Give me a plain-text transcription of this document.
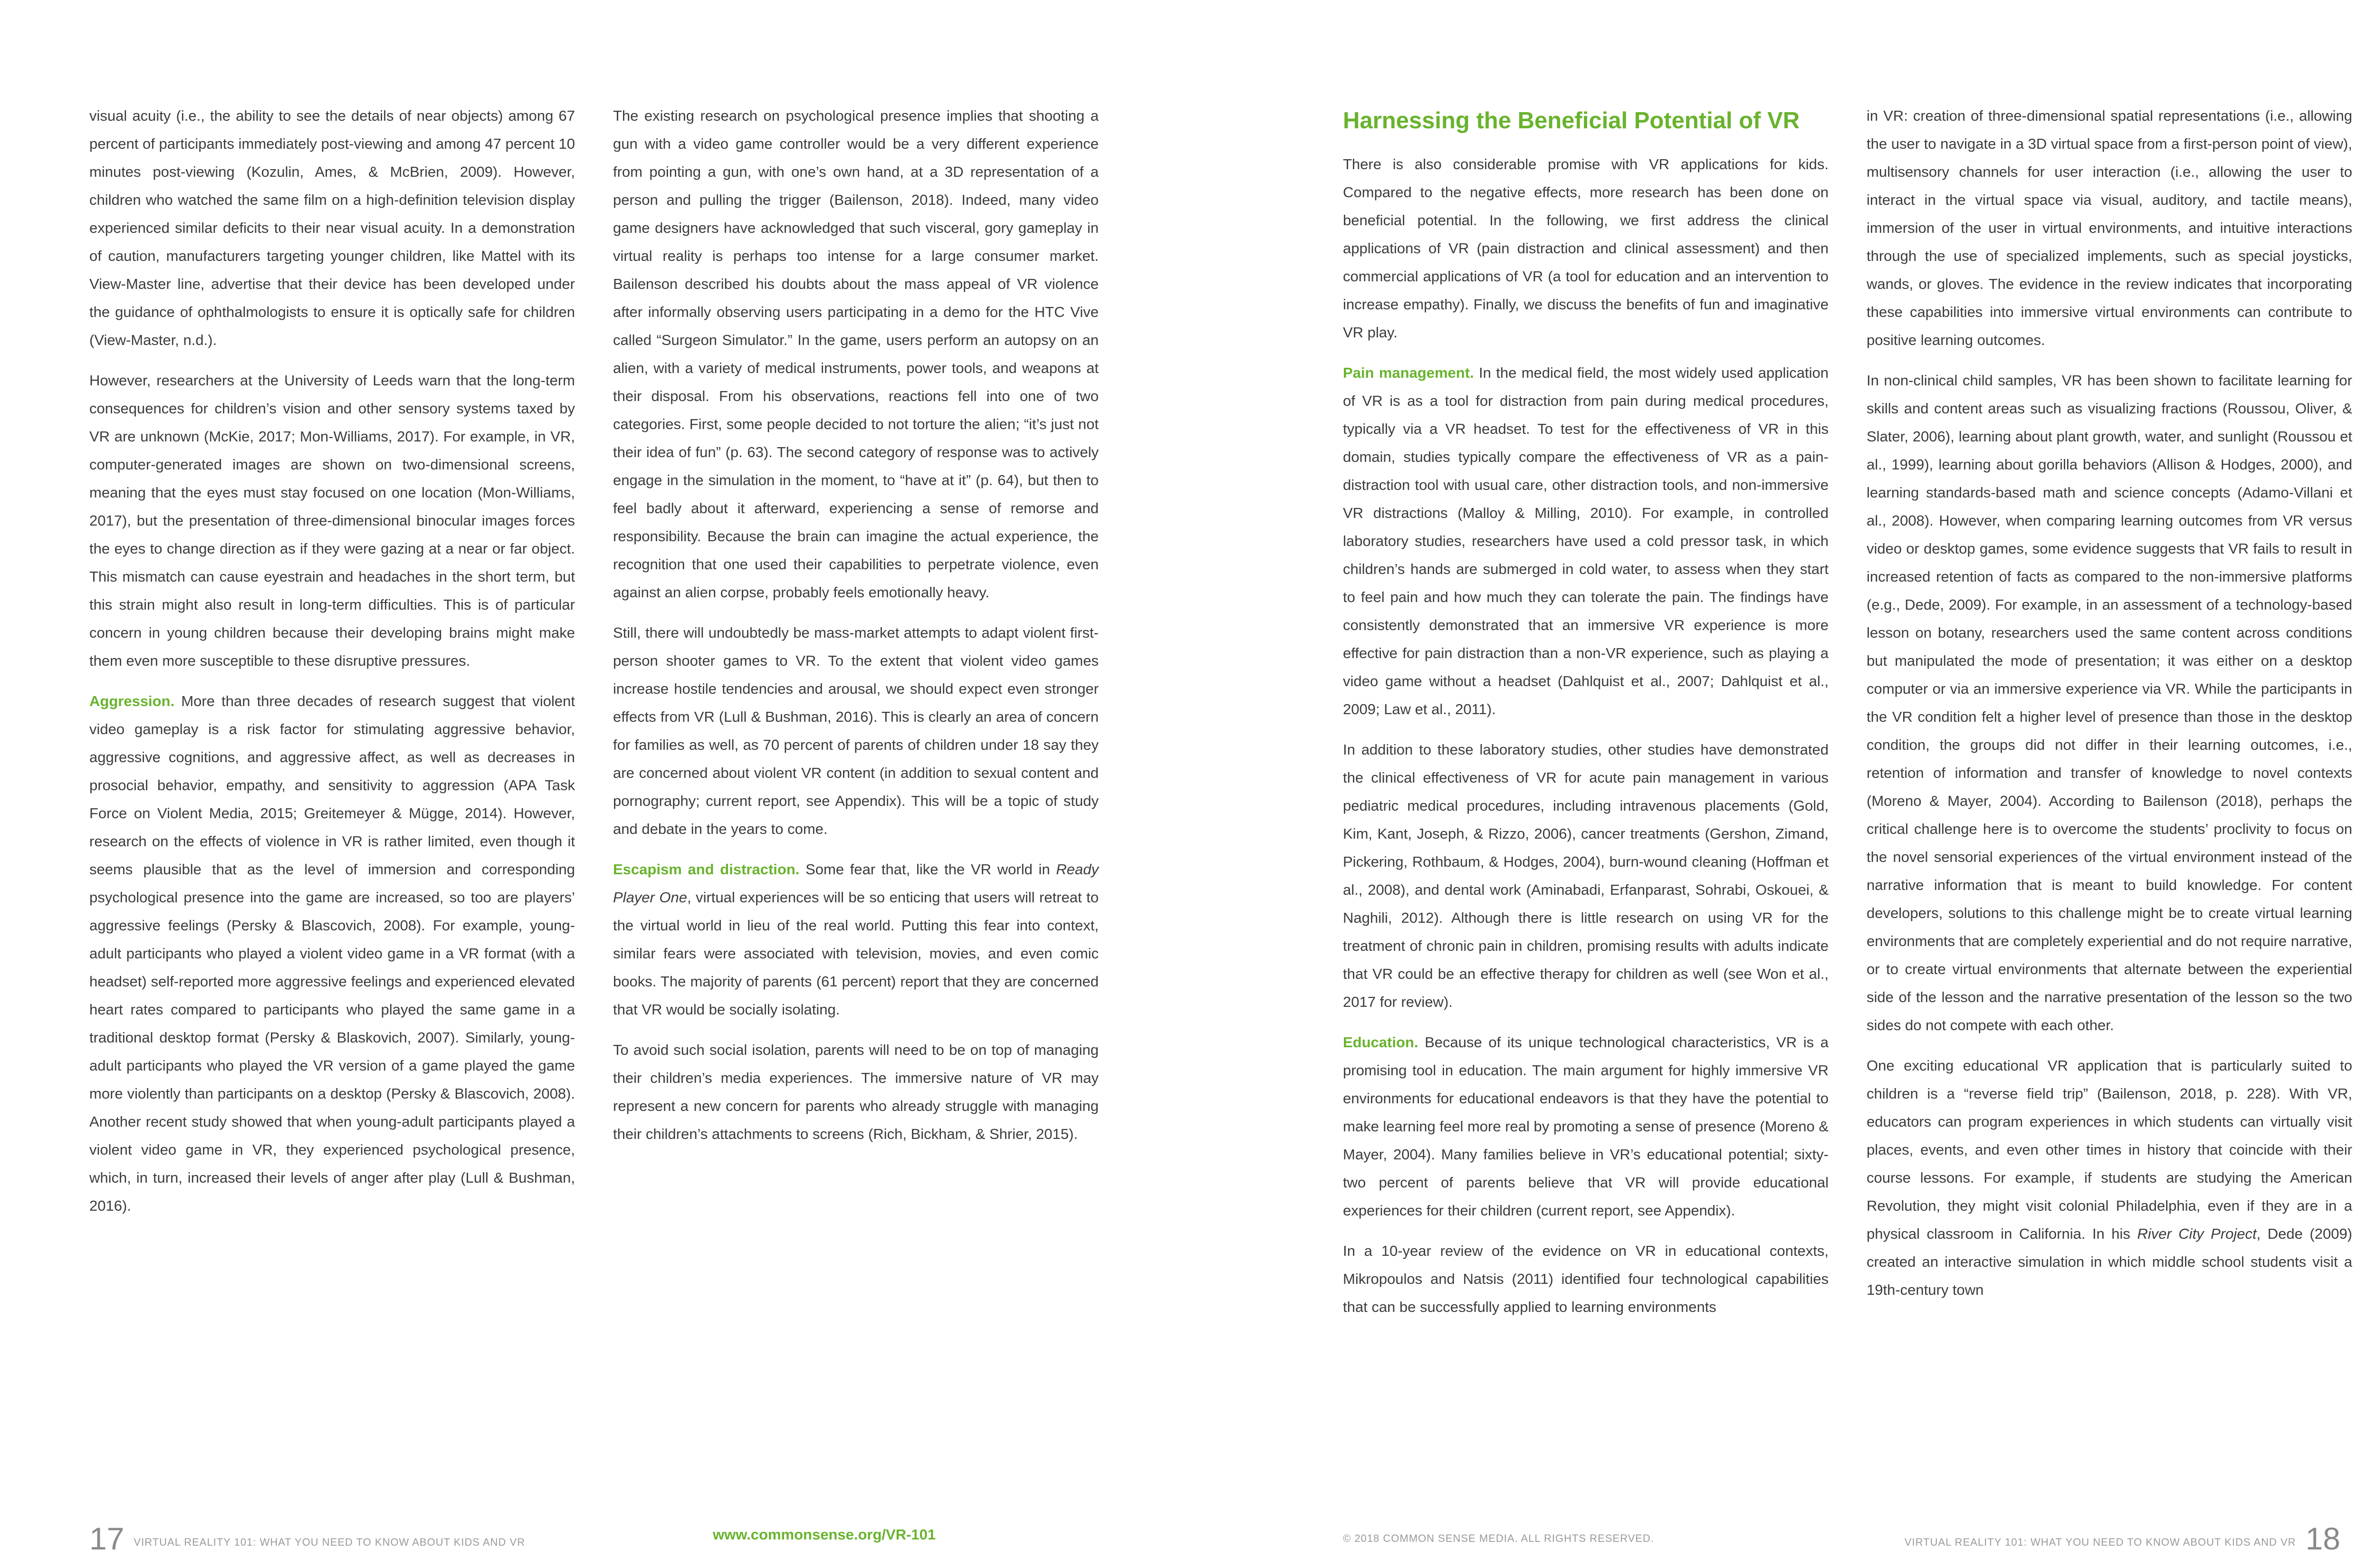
visual acuity (i.e., the ability to see the details of near objects) among 67 percent of participants immediately post-viewing and among 47 percent 10 minutes post-viewing (Kozulin, Ames, & McBrien, 2009). However, children who watched the same film on a high-definition television display experienced similar deficits to their near visual acuity. In a demonstration of caution, manufacturers targeting younger children, like Mattel with its View-Master line, advertise that their device has been developed under the guidance of ophthalmologists to ensure it is optically safe for children (View-Master, n.d.).

However, researchers at the University of Leeds warn that the long-term consequences for children’s vision and other sensory systems taxed by VR are unknown (McKie, 2017; Mon-Williams, 2017). For example, in VR, computer-generated images are shown on two-dimensional screens, meaning that the eyes must stay focused on one location (Mon-Williams, 2017), but the presentation of three-dimensional binocular images forces the eyes to change direction as if they were gazing at a near or far object. This mismatch can cause eyestrain and headaches in the short term, but this strain might also result in long-term difficulties. This is of particular concern in young children because their developing brains might make them even more susceptible to these disruptive pressures.

Aggression. More than three decades of research suggest that violent video gameplay is a risk factor for stimulating aggressive behavior, aggressive cognitions, and aggressive affect, as well as decreases in prosocial behavior, empathy, and sensitivity to aggression (APA Task Force on Violent Media, 2015; Greitemeyer & Mügge, 2014). However, research on the effects of violence in VR is rather limited, even though it seems plausible that as the level of immersion and corresponding psychological presence into the game are increased, so too are players’ aggressive feelings (Persky & Blascovich, 2008). For example, young-adult participants who played a violent video game in a VR format (with a headset) self-reported more aggressive feelings and experienced elevated heart rates compared to participants who played the same game in a traditional desktop format (Persky & Blaskovich, 2007). Similarly, young-adult participants who played the VR version of a game played the game more violently than participants on a desktop (Persky & Blascovich, 2008). Another recent study showed that when young-adult participants played a violent video game in VR, they experienced psychological presence, which, in turn, increased their levels of anger after play (Lull & Bushman, 2016).

The existing research on psychological presence implies that shooting a gun with a video game controller would be a very different experience from pointing a gun, with one’s own hand, at a 3D representation of a person and pulling the trigger (Bailenson, 2018). Indeed, many video game designers have acknowledged that such visceral, gory gameplay in virtual reality is perhaps too intense for a large consumer market. Bailenson described his doubts about the mass appeal of VR violence after informally observing users participating in a demo for the HTC Vive called “Surgeon Simulator.” In the game, users perform an autopsy on an alien, with a variety of medical instruments, power tools, and weapons at their disposal. From his observations, reactions fell into one of two categories. First, some people decided to not torture the alien; “it’s just not their idea of fun” (p. 63). The second category of response was to actively engage in the simulation in the moment, to “have at it” (p. 64), but then to feel badly about it afterward, experiencing a sense of remorse and responsibility. Because the brain can imagine the actual experience, the recognition that one used their capabilities to perpetrate violence, even against an alien corpse, probably feels emotionally heavy.

Still, there will undoubtedly be mass-market attempts to adapt violent first-person shooter games to VR. To the extent that violent video games increase hostile tendencies and arousal, we should expect even stronger effects from VR (Lull & Bushman, 2016). This is clearly an area of concern for families as well, as 70 percent of parents of children under 18 say they are concerned about violent VR content (in addition to sexual content and pornography; current report, see Appendix). This will be a topic of study and debate in the years to come.

Escapism and distraction. Some fear that, like the VR world in Ready Player One, virtual experiences will be so enticing that users will retreat to the virtual world in lieu of the real world. Putting this fear into context, similar fears were associated with television, movies, and even comic books. The majority of parents (61 percent) report that they are concerned that VR would be socially isolating.

To avoid such social isolation, parents will need to be on top of managing their children’s media experiences. The immersive nature of VR may represent a new concern for parents who already struggle with managing their children’s attachments to screens (Rich, Bickham, & Shrier, 2015).

Harnessing the Beneficial Potential of VR

There is also considerable promise with VR applications for kids. Compared to the negative effects, more research has been done on beneficial potential. In the following, we first address the clinical applications of VR (pain distraction and clinical assessment) and then commercial applications of VR (a tool for education and an intervention to increase empathy). Finally, we discuss the benefits of fun and imaginative VR play.

Pain management. In the medical field, the most widely used application of VR is as a tool for distraction from pain during medical procedures, typically via a VR headset. To test for the effectiveness of VR in this domain, studies typically compare the effectiveness of VR as a pain-distraction tool with usual care, other distraction tools, and non-immersive VR distractions (Malloy & Milling, 2010). For example, in controlled laboratory studies, researchers have used a cold pressor task, in which children’s hands are submerged in cold water, to assess when they start to feel pain and how much they can tolerate the pain. The findings have consistently demonstrated that an immersive VR experience is more effective for pain distraction than a non-VR experience, such as playing a video game without a headset (Dahlquist et al., 2007; Dahlquist et al., 2009; Law et al., 2011).

In addition to these laboratory studies, other studies have demonstrated the clinical effectiveness of VR for acute pain management in various pediatric medical procedures, including intravenous placements (Gold, Kim, Kant, Joseph, & Rizzo, 2006), cancer treatments (Gershon, Zimand, Pickering, Rothbaum, & Hodges, 2004), burn-wound cleaning (Hoffman et al., 2008), and dental work (Aminabadi, Erfanparast, Sohrabi, Oskouei, & Naghili, 2012). Although there is little research on using VR for the treatment of chronic pain in children, promising results with adults indicate that VR could be an effective therapy for children as well (see Won et al., 2017 for review).

Education. Because of its unique technological characteristics, VR is a promising tool in education. The main argument for highly immersive VR environments for educational endeavors is that they have the potential to make learning feel more real by promoting a sense of presence (Moreno & Mayer, 2004). Many families believe in VR’s educational potential; sixty-two percent of parents believe that VR will provide educational experiences for their children (current report, see Appendix).

In a 10-year review of the evidence on VR in educational contexts, Mikropoulos and Natsis (2011) identified four technological capabilities that can be successfully applied to learning environments

in VR: creation of three-dimensional spatial representations (i.e., allowing the user to navigate in a 3D virtual space from a first-person point of view), multisensory channels for user interaction (i.e., allowing the user to interact in the virtual space via visual, auditory, and tactile means), immersion of the user in virtual environments, and intuitive interactions through the use of specialized implements, such as special joysticks, wands, or gloves. The evidence in the review indicates that incorporating these capabilities into immersive virtual environments can contribute to positive learning outcomes.

In non-clinical child samples, VR has been shown to facilitate learning for skills and content areas such as visualizing fractions (Roussou, Oliver, & Slater, 2006), learning about plant growth, water, and sunlight (Roussou et al., 1999), learning about gorilla behaviors (Allison & Hodges, 2000), and learning standards-based math and science concepts (Adamo-Villani et al., 2008). However, when comparing learning outcomes from VR versus video or desktop games, some evidence suggests that VR fails to result in increased retention of facts as compared to the non-immersive platforms (e.g., Dede, 2009). For example, in an assessment of a technology-based lesson on botany, researchers used the same content across conditions but manipulated the mode of presentation; it was either on a desktop computer or via an immersive experience via VR. While the participants in the VR condition felt a higher level of presence than those in the desktop condition, the groups did not differ in their learning outcomes, i.e., retention of information and transfer of knowledge to novel contexts (Moreno & Mayer, 2004). According to Bailenson (2018), perhaps the critical challenge here is to overcome the students’ proclivity to focus on the novel sensorial experiences of the virtual environment instead of the narrative information that is meant to build knowledge. For content developers, solutions to this challenge might be to create virtual learning environments that are completely experiential and do not require narrative, or to create virtual environments that alternate between the experiential side of the lesson and the narrative presentation of the lesson so the two sides do not compete with each other.

One exciting educational VR application that is particularly suited to children is a “reverse field trip” (Bailenson, 2018, p. 228). With VR, educators can program experiences in which students can virtually visit places, events, and even other times in history that coincide with their course lessons. For example, if students are studying the American Revolution, they might visit colonial Philadelphia, even if they are in a physical classroom in California. In his River City Project, Dede (2009) created an interactive simulation in which middle school students visit a 19th-century town

17 VIRTUAL REALITY 101: WHAT YOU NEED TO KNOW ABOUT KIDS AND VR	www.commonsense.org/VR-101	© 2018 COMMON SENSE MEDIA. ALL RIGHTS RESERVED.	VIRTUAL REALITY 101: WHAT YOU NEED TO KNOW ABOUT KIDS AND VR 18
